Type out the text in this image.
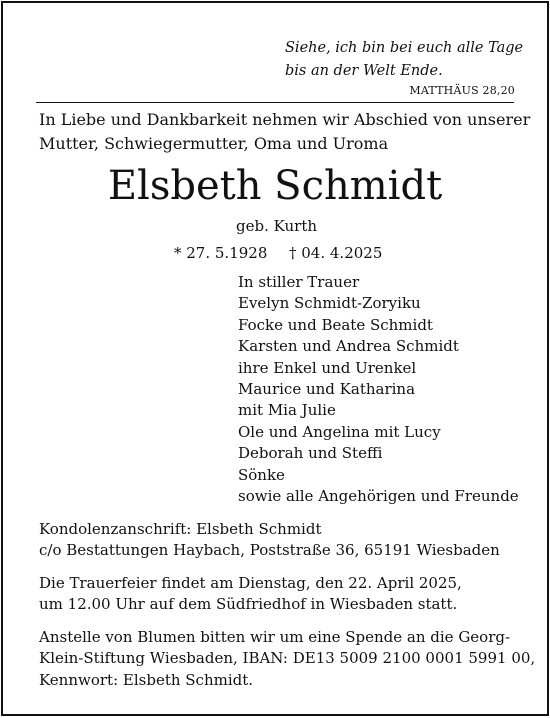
Siehe, ich bin bei euch alle Tage
bis an der Welt Ende.
MATTHÄUS 28,20
In Liebe und Dankbarkeit nehmen wir Abschied von unserer
Mutter, Schwiegermutter, Oma und Uroma
Elsbeth Schmidt
geb. Kurth
* 27. 5.1928 † 04. 4.2025
In stiller Trauer
Evelyn Schmidt-Zoryiku
Focke und Beate Schmidt
Karsten und Andrea Schmidt
ihre Enkel und Urenkel
Maurice und Katharina
mit Mia Julie
Ole und Angelina mit Lucy
Deborah und Steffi
Sönke
sowie alle Angehörigen und Freunde
Kondolenzanschrift: Elsbeth Schmidt
c/o Bestattungen Haybach, Poststraße 36, 65191 Wiesbaden
Die Trauerfeier findet am Dienstag, den 22. April 2025,
um 12.00 Uhr auf dem Südfriedhof in Wiesbaden statt.
Anstelle von Blumen bitten wir um eine Spende an die Georg-
Klein-Stiftung Wiesbaden, IBAN: DE13 5009 2100 0001 5991 00,
Kennwort: Elsbeth Schmidt.
